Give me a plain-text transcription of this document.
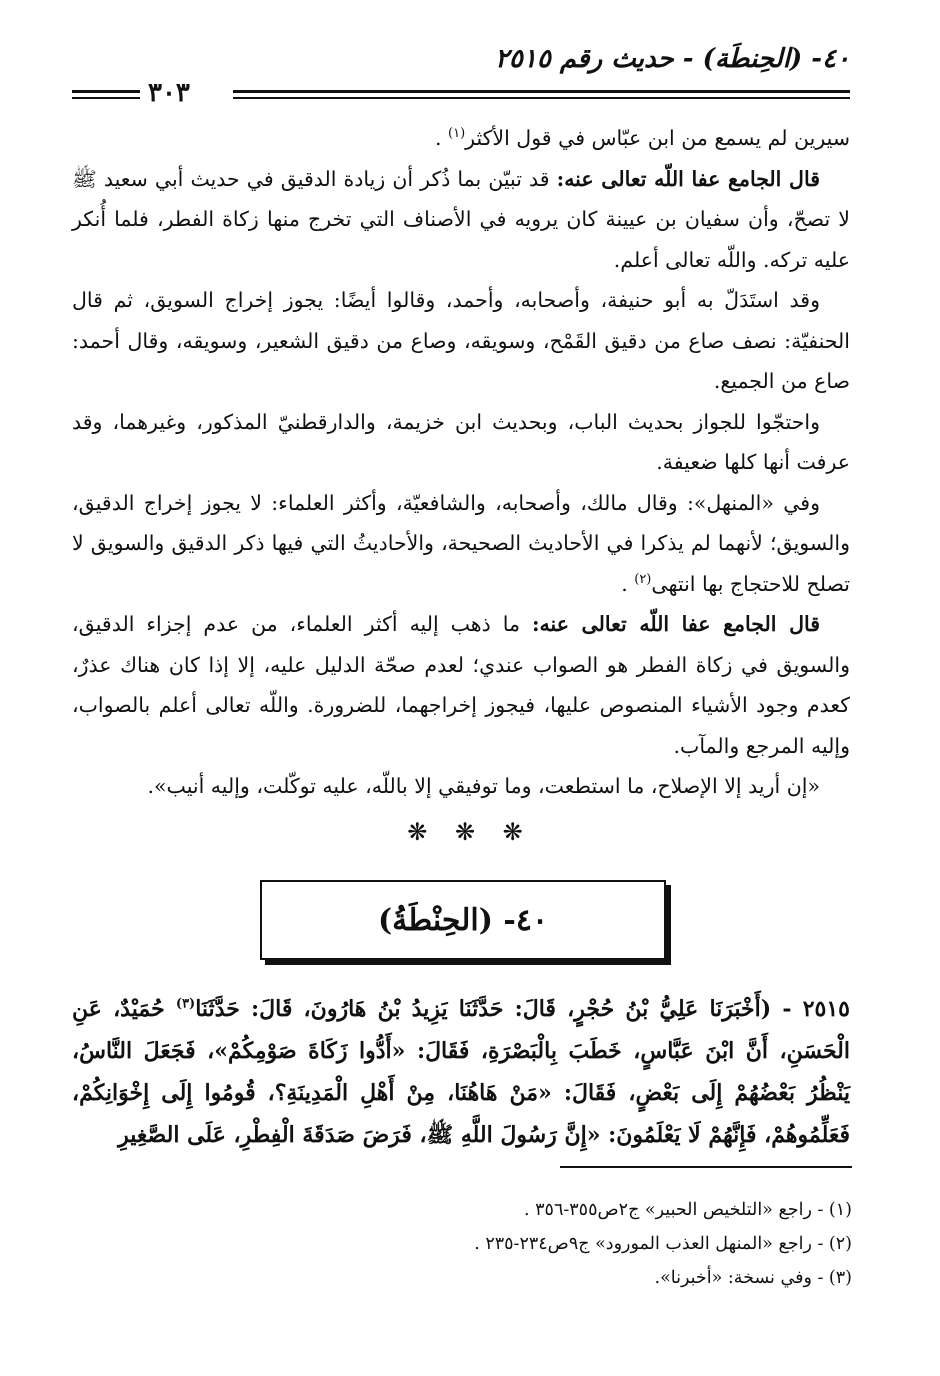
٤٠- (الحِنطَة) - حديث رقم ٢٥١٥
٣٠٣

سيرين لم يسمع من ابن عبّاس في قول الأكثر$^{(١)}$ .

قال الجامع عفا اللّه تعالى عنه: قد تبيّن بما ذُكر أن زيادة الدقيق في حديث أبي سعيد ﷺ لا تصحّ، وأن سفيان بن عيينة كان يرويه في الأصناف التي تخرج منها زكاة الفطر، فلما أُنكر عليه تركه. واللّه تعالى أعلم.

وقد استَدَلّ به أبو حنيفة، وأصحابه، وأحمد، وقالوا أيضًا: يجوز إخراج السويق، ثم قال الحنفيّة: نصف صاع من دقيق القَمْح، وسويقه، وصاع من دقيق الشعير، وسويقه، وقال أحمد: صاع من الجميع.

واحتجّوا للجواز بحديث الباب، وبحديث ابن خزيمة، والدارقطنيّ المذكور، وغيرهما، وقد عرفت أنها كلها ضعيفة.

وفي «المنهل»: وقال مالك، وأصحابه، والشافعيّة، وأكثر العلماء: لا يجوز إخراج الدقيق، والسويق؛ لأنهما لم يذكرا في الأحاديث الصحيحة، والأحاديثُ التي فيها ذكر الدقيق والسويق لا تصلح للاحتجاج بها انتهى$^{(٢)}$ .

قال الجامع عفا اللّه تعالى عنه: ما ذهب إليه أكثر العلماء، من عدم إجزاء الدقيق، والسويق في زكاة الفطر هو الصواب عندي؛ لعدم صحّة الدليل عليه، إلا إذا كان هناك عذرٌ، كعدم وجود الأشياء المنصوص عليها، فيجوز إخراجهما، للضرورة. واللّه تعالى أعلم بالصواب، وإليه المرجع والمآب.

«إن أريد إلا الإصلاح، ما استطعت، وما توفيقي إلا باللّه، عليه توكّلت، وإليه أنيب».

❋ ❋ ❋
٤٠- (الحِنْطَةُ)

٢٥١٥ - (أَخْبَرَنَا عَلِيُّ بْنُ حُجْرٍ، قَالَ: حَدَّثَنَا يَزِيدُ بْنُ هَارُونَ، قَالَ: حَدَّثَنَا$^{(٣)}$ حُمَيْدٌ، عَنِ الْحَسَنِ، أَنَّ ابْنَ عَبَّاسٍ، خَطَبَ بِالْبَصْرَةِ، فَقَالَ: «أَدُّوا زَكَاةَ صَوْمِكُمْ»، فَجَعَلَ النَّاسُ، يَنْظُرُ بَعْضُهُمْ إِلَى بَعْضٍ، فَقَالَ: «مَنْ هَاهُنَا، مِنْ أَهْلِ الْمَدِينَةِ؟، قُومُوا إِلَى إِخْوَانِكُمْ، فَعَلِّمُوهُمْ، فَإِنَّهُمْ لَا يَعْلَمُونَ: «إِنَّ رَسُولَ اللَّهِ ﷺ، فَرَضَ صَدَقَةَ الْفِطْرِ، عَلَى الصَّغِيرِ

(١) - راجع «التلخيص الحبير» ج٢ص٣٥٥-٣٥٦ .
(٢) - راجع «المنهل العذب المورود» ج٩ص٢٣٤-٢٣٥ .
(٣) - وفي نسخة: «أخبرنا».
